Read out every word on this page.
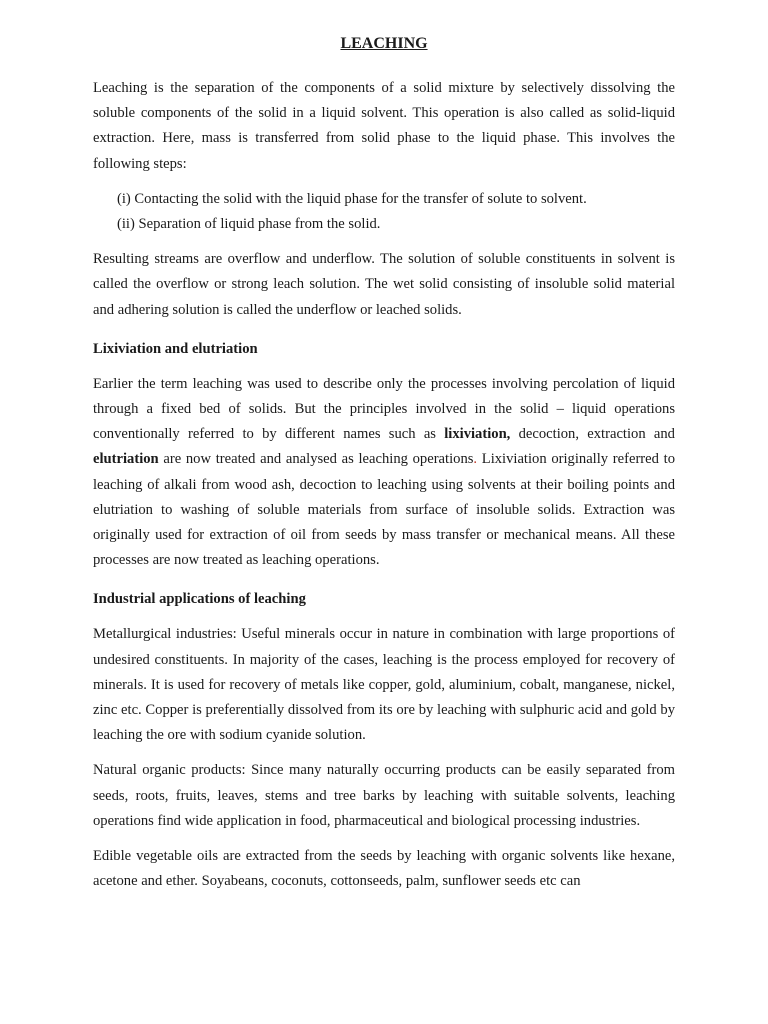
LEACHING

Leaching is the separation of the components of a solid mixture by selectively dissolving the soluble components of the solid in a liquid solvent. This operation is also called as solid-liquid extraction. Here, mass is transferred from solid phase to the liquid phase. This involves the following steps:

(i) Contacting the solid with the liquid phase for the transfer of solute to solvent.
(ii) Separation of liquid phase from the solid.

Resulting streams are overflow and underflow. The solution of soluble constituents in solvent is called the overflow or strong leach solution. The wet solid consisting of insoluble solid material and adhering solution is called the underflow or leached solids.

Lixiviation and elutriation

Earlier the term leaching was used to describe only the processes involving percolation of liquid through a fixed bed of solids. But the principles involved in the solid – liquid operations conventionally referred to by different names such as lixiviation, decoction, extraction and elutriation are now treated and analysed as leaching operations. Lixiviation originally referred to leaching of alkali from wood ash, decoction to leaching using solvents at their boiling points and elutriation to washing of soluble materials from surface of insoluble solids. Extraction was originally used for extraction of oil from seeds by mass transfer or mechanical means. All these processes are now treated as leaching operations.

Industrial applications of leaching

Metallurgical industries: Useful minerals occur in nature in combination with large proportions of undesired constituents. In majority of the cases, leaching is the process employed for recovery of minerals. It is used for recovery of metals like copper, gold, aluminium, cobalt, manganese, nickel, zinc etc. Copper is preferentially dissolved from its ore by leaching with sulphuric acid and gold by leaching the ore with sodium cyanide solution.

Natural organic products: Since many naturally occurring products can be easily separated from seeds, roots, fruits, leaves, stems and tree barks by leaching with suitable solvents, leaching operations find wide application in food, pharmaceutical and biological processing industries.

Edible vegetable oils are extracted from the seeds by leaching with organic solvents like hexane, acetone and ether. Soyabeans, coconuts, cottonseeds, palm, sunflower seeds etc can
